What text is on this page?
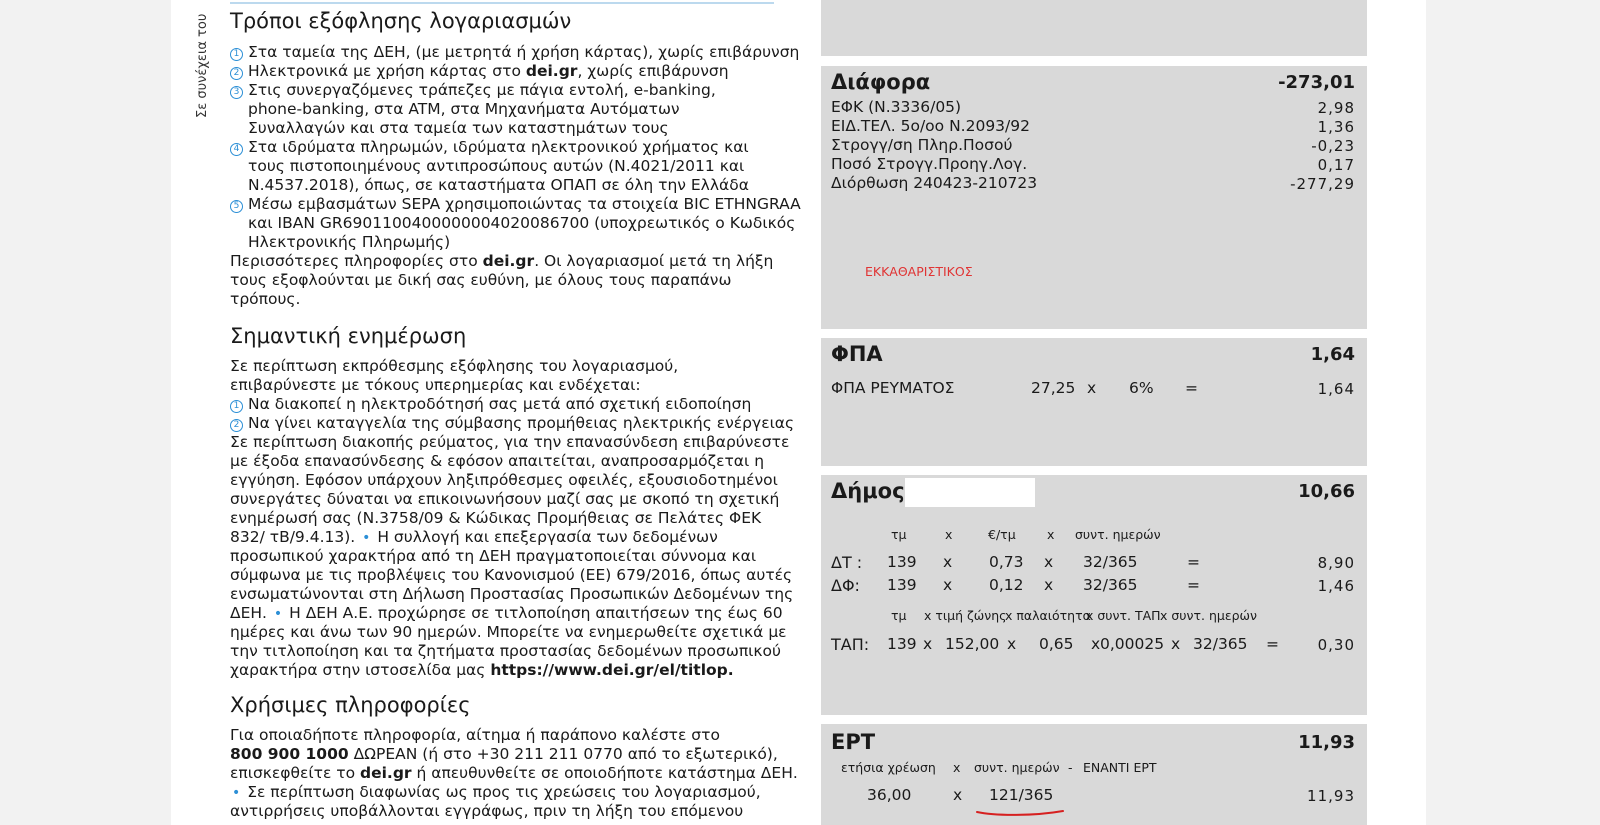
Σε συνέχεια του Τρόποι εξόφλησης λογαριασμών
1 Στα ταμεία της ΔΕΗ, (με μετρητά ή χρήση κάρτας), χωρίς επιβάρυνση
2 Ηλεκτρονικά με χρήση κάρτας στο dei.gr, χωρίς επιβάρυνση
3 Στις συνεργαζόμενες τράπεζες με πάγια εντολή, e-banking,
phone-banking, στα ATM, στα Μηχανήματα Αυτόματων
Συναλλαγών και στα ταμεία των καταστημάτων τους
4 Στα ιδρύματα πληρωμών, ιδρύματα ηλεκτρονικού χρήματος και
τους πιστοποιημένους αντιπροσώπους αυτών (Ν.4021/2011 και
Ν.4537.2018), όπως, σε καταστήματα ΟΠΑΠ σε όλη την Ελλάδα
5 Μέσω εμβασμάτων SEPA χρησιμοποιώντας τα στοιχεία BIC ETHNGRAA
και IBAN GR6901100400000004020086700 (υποχρεωτικός ο Κωδικός
Ηλεκτρονικής Πληρωμής)
Περισσότερες πληροφορίες στο dei.gr. Οι λογαριασμοί μετά τη λήξη
τους εξοφλούνται με δική σας ευθύνη, με όλους τους παραπάνω
τρόπους.
Σημαντική ενημέρωση
Σε περίπτωση εκπρόθεσμης εξόφλησης του λογαριασμού,
επιβαρύνεστε με τόκους υπερημερίας και ενδέχεται:
1 Να διακοπεί η ηλεκτροδότησή σας μετά από σχετική ειδοποίηση
2 Να γίνει καταγγελία της σύμβασης προμήθειας ηλεκτρικής ενέργειας
Σε περίπτωση διακοπής ρεύματος, για την επανασύνδεση επιβαρύνεστε
με έξοδα επανασύνδεσης & εφόσον απαιτείται, αναπροσαρμόζεται η
εγγύηση. Εφόσον υπάρχουν ληξιπρόθεσμες οφειλές, εξουσιοδοτημένοι
συνεργάτες δύναται να επικοινωνήσουν μαζί σας με σκοπό τη σχετική
ενημέρωσή σας (Ν.3758/09 & Κώδικας Προμήθειας σε Πελάτες ΦΕΚ
832/ τΒ/9.4.13). • Η συλλογή και επεξεργασία των δεδομένων
προσωπικού χαρακτήρα από τη ΔΕΗ πραγματοποιείται σύννομα και
σύμφωνα με τις προβλέψεις του Κανονισμού (ΕΕ) 679/2016, όπως αυτές
ενσωματώνονται στη Δήλωση Προστασίας Προσωπικών Δεδομένων της
ΔΕΗ. • Η ΔΕΗ Α.Ε. προχώρησε σε τιτλοποίηση απαιτήσεων της έως 60
ημέρες και άνω των 90 ημερών. Μπορείτε να ενημερωθείτε σχετικά με
την τιτλοποίηση και τα ζητήματα προστασίας δεδομένων προσωπικού
χαρακτήρα στην ιστοσελίδα μας https://www.dei.gr/el/titlop.
Χρήσιμες πληροφορίες
Για οποιαδήποτε πληροφορία, αίτημα ή παράπονο καλέστε στο
800 900 1000 ΔΩΡΕΑΝ (ή στο +30 211 211 0770 από το εξωτερικό),
επισκεφθείτε το dei.gr ή απευθυνθείτε σε οποιοδήποτε κατάστημα ΔΕΗ.
• Σε περίπτωση διαφωνίας ως προς τις χρεώσεις του λογαριασμού,
αντιρρήσεις υποβάλλονται εγγράφως, πριν τη λήξη του επόμενου
Διάφορα	-273,01
ΕΦΚ (Ν.3336/05)	2,98
ΕΙΔ.ΤΕΛ. 5ο/οο Ν.2093/92	1,36
Στρογγ/ση Πληρ.Ποσού	-0,23
Ποσό Στρογγ.Προηγ.Λογ.	0,17
Διόρθωση 240423-210723	-277,29
ΕΚΚΑΘΑΡΙΣΤΙΚΟΣ
ΦΠΑ	1,64
ΦΠΑ ΡΕΥΜΑΤΟΣ	27,25 x 6% =	1,64
Δήμος	10,66
τμ	x	€/τμ	x συντ. ημερών
ΔΤ : 139 x 0,73 x 32/365	=	8,90
ΔΦ: 139 x 0,12 x 32/365	=	1,46
τμ x τιμή ζώνης
x παλαιότητα
x συντ. ΤΑΠ x συντ. ημερών
ΤΑΠ: 139 x 152,00 x 0,65 x 0,00025 x 32/365 =	0,30
ΕΡΤ	11,93
ετήσια χρέωση x συντ. ημερών - ΕΝΑΝΤΙ ΕΡΤ
36,00	x 121/365	11,93
